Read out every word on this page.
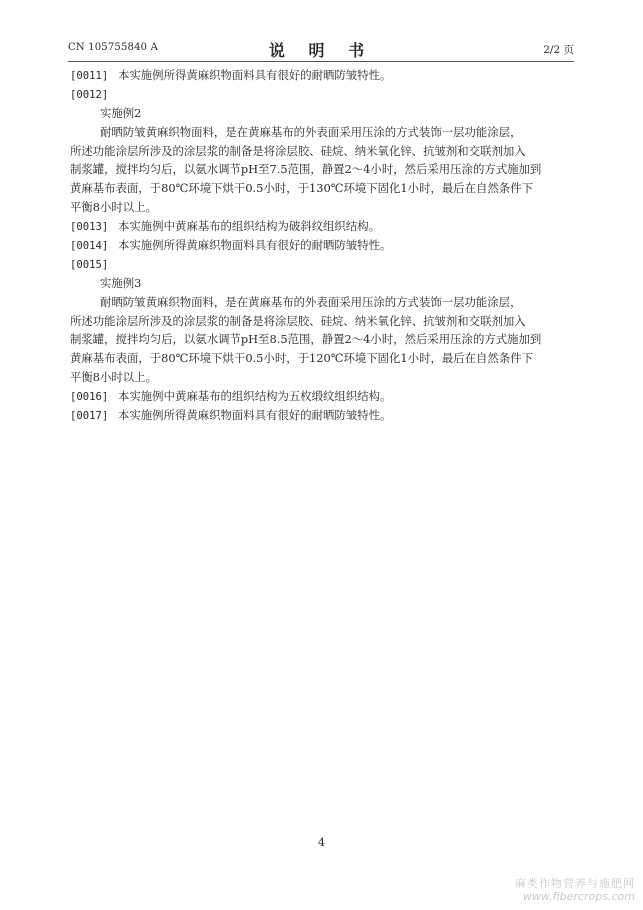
CN 105755840 A	说 明 书	2/2 页
[0011] 本实施例所得黄麻织物面料具有很好的耐晒防皱特性。
[0012]
实施例2
耐晒防皱黄麻织物面料，是在黄麻基布的外表面采用压涂的方式装饰一层功能涂层，
所述功能涂层所涉及的涂层浆的制备是将涂层胶、硅烷、纳米氧化锌、抗皱剂和交联剂加入
制浆罐，搅拌均匀后，以氨水调节pH至7.5范围，静置2～4小时，然后采用压涂的方式施加到
黄麻基布表面，于80℃环境下烘干0.5小时，于130℃环境下固化1小时，最后在自然条件下
平衡8小时以上。
[0013] 本实施例中黄麻基布的组织结构为破斜纹组织结构。
[0014] 本实施例所得黄麻织物面料具有很好的耐晒防皱特性。
[0015]
实施例3
耐晒防皱黄麻织物面料，是在黄麻基布的外表面采用压涂的方式装饰一层功能涂层，
所述功能涂层所涉及的涂层浆的制备是将涂层胶、硅烷、纳米氧化锌、抗皱剂和交联剂加入
制浆罐，搅拌均匀后，以氨水调节pH至8.5范围，静置2～4小时，然后采用压涂的方式施加到
黄麻基布表面，于80℃环境下烘干0.5小时，于120℃环境下固化1小时，最后在自然条件下
平衡8小时以上。
[0016] 本实施例中黄麻基布的组织结构为五枚缎纹组织结构。
[0017] 本实施例所得黄麻织物面料具有很好的耐晒防皱特性。
4
麻类作物营养与施肥网
www.fibercrops.com
